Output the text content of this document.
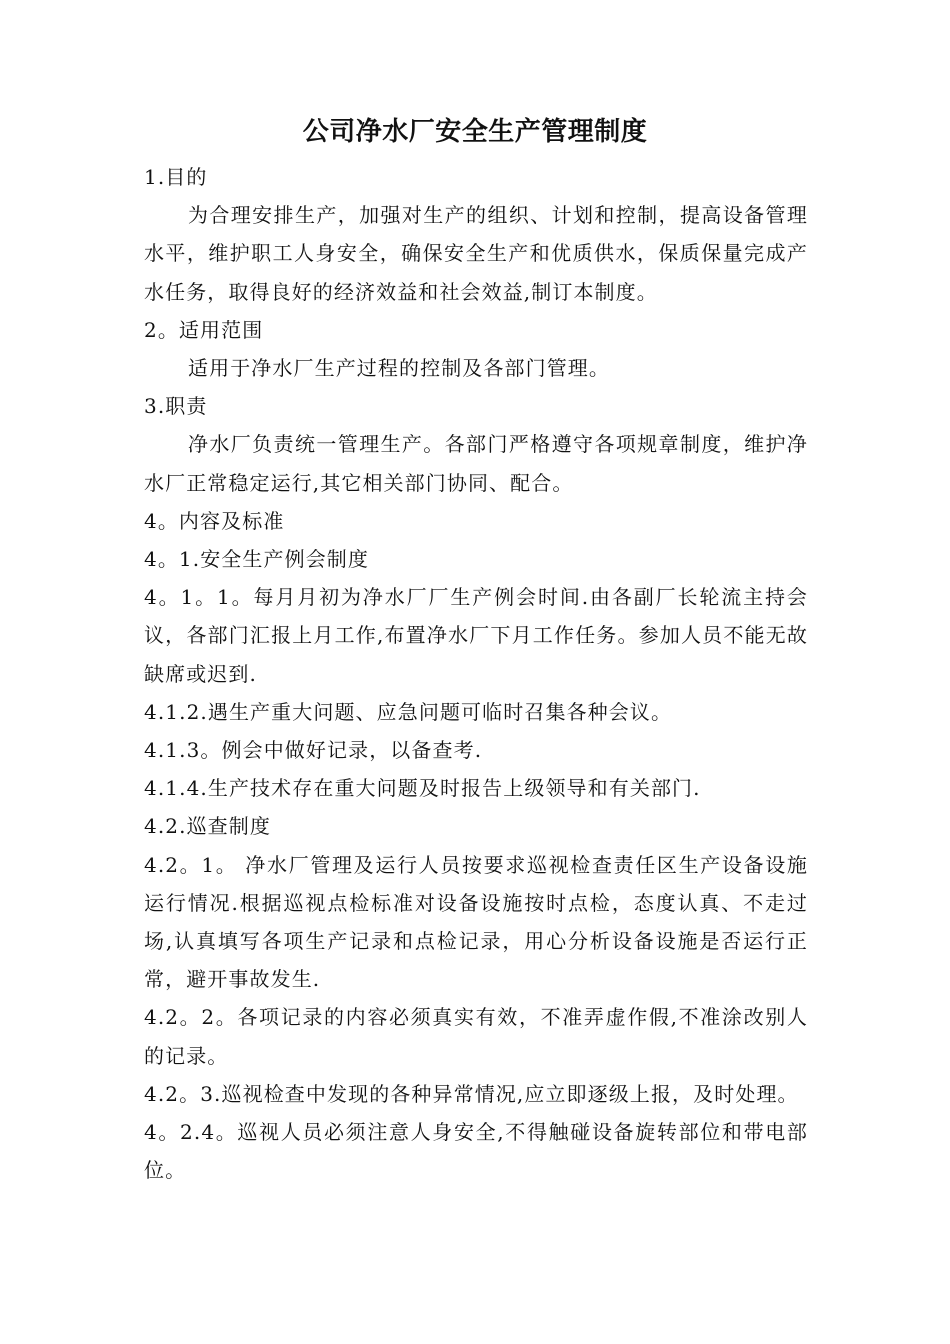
公司净水厂安全生产管理制度

1.目的

为合理安排生产，加强对生产的组织、计划和控制，提高设备管理水平，维护职工人身安全，确保安全生产和优质供水，保质保量完成产水任务，取得良好的经济效益和社会效益,制订本制度。

2。适用范围

适用于净水厂生产过程的控制及各部门管理。

3.职责

净水厂负责统一管理生产。各部门严格遵守各项规章制度，维护净水厂正常稳定运行,其它相关部门协同、配合。

4。内容及标准

4。1.安全生产例会制度

4。1。1。每月月初为净水厂厂生产例会时间.由各副厂长轮流主持会议，各部门汇报上月工作,布置净水厂下月工作任务。参加人员不能无故缺席或迟到.

4.1.2.遇生产重大问题、应急问题可临时召集各种会议。

4.1.3。例会中做好记录，以备查考.

4.1.4.生产技术存在重大问题及时报告上级领导和有关部门.

4.2.巡查制度

4.2。1。 净水厂管理及运行人员按要求巡视检查责任区生产设备设施运行情况.根据巡视点检标准对设备设施按时点检，态度认真、不走过场,认真填写各项生产记录和点检记录，用心分析设备设施是否运行正常，避开事故发生.

4.2。2。各项记录的内容必须真实有效，不准弄虚作假,不准涂改别人的记录。

4.2。3.巡视检查中发现的各种异常情况,应立即逐级上报，及时处理。

4。2.4。巡视人员必须注意人身安全,不得触碰设备旋转部位和带电部位。
